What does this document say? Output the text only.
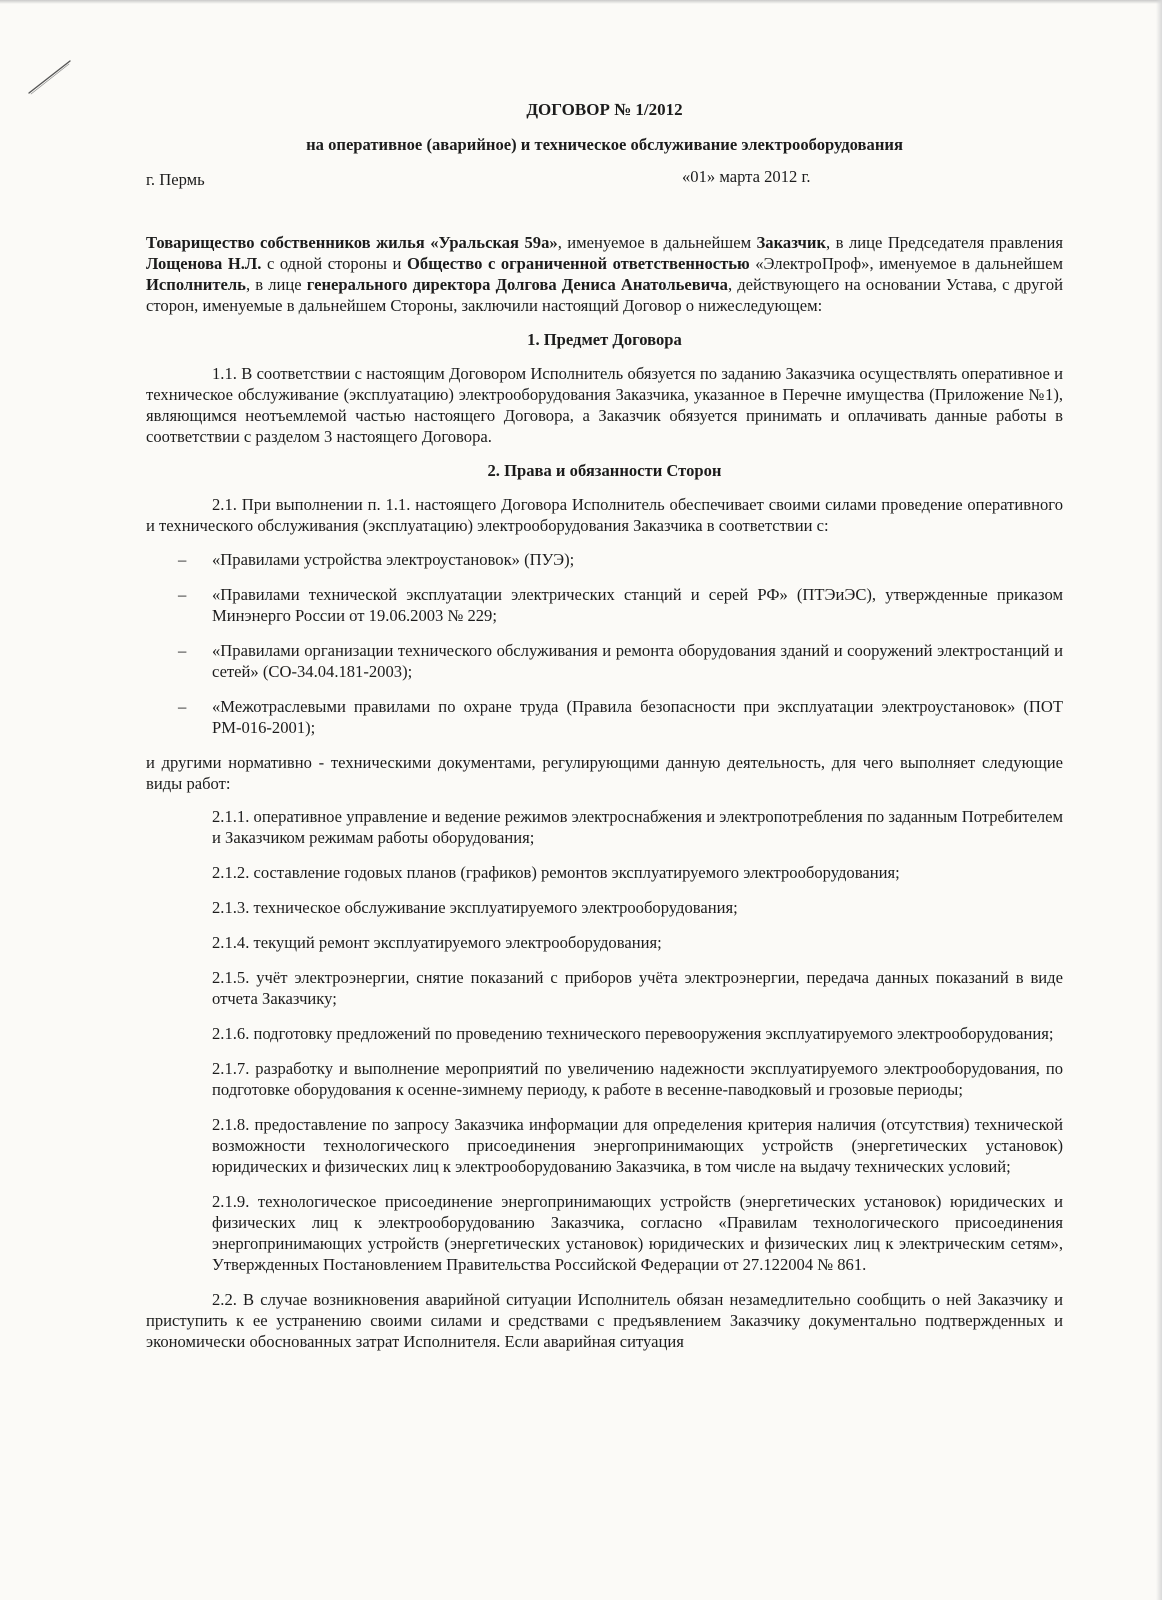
ДОГОВОР № 1/2012
на оперативное (аварийное) и техническое обслуживание электрооборудования
г. Пермь	«01» марта 2012 г.

Товарищество собственников жилья «Уральская 59а», именуемое в дальнейшем Заказчик, в лице Председателя правления Лощенова Н.Л. с одной стороны и Общество с ограниченной ответственностью «ЭлектроПроф», именуемое в дальнейшем Исполнитель, в лице генерального директора Долгова Дениса Анатольевича, действующего на основании Устава, с другой сторон, именуемые в дальнейшем Стороны, заключили настоящий Договор о нижеследующем:

1. Предмет Договора

1.1. В соответствии с настоящим Договором Исполнитель обязуется по заданию Заказчика осуществлять оперативное и техническое обслуживание (эксплуатацию) электрооборудования Заказчика, указанное в Перечне имущества (Приложение №1), являющимся неотъемлемой частью настоящего Договора, а Заказчик обязуется принимать и оплачивать данные работы в соответствии с разделом 3 настоящего Договора.

2. Права и обязанности Сторон

2.1. При выполнении п. 1.1. настоящего Договора Исполнитель обеспечивает своими силами проведение оперативного и технического обслуживания (эксплуатацию) электрооборудования Заказчика в соответствии с:

– «Правилами устройства электроустановок» (ПУЭ);
– «Правилами технической эксплуатации электрических станций и серей РФ» (ПТЭиЭС), утвержденные приказом Минэнерго России от 19.06.2003 № 229;
– «Правилами организации технического обслуживания и ремонта оборудования зданий и сооружений электростанций и сетей» (СО-34.04.181-2003);
– «Межотраслевыми правилами по охране труда (Правила безопасности при эксплуатации электроустановок» (ПОТ РМ-016-2001);

и другими нормативно - техническими документами, регулирующими данную деятельность, для чего выполняет следующие виды работ:

2.1.1. оперативное управление и ведение режимов электроснабжения и электропотребления по заданным Потребителем и Заказчиком режимам работы оборудования;

2.1.2. составление годовых планов (графиков) ремонтов эксплуатируемого электрооборудования;

2.1.3. техническое обслуживание эксплуатируемого электрооборудования;

2.1.4. текущий ремонт эксплуатируемого электрооборудования;

2.1.5. учёт электроэнергии, снятие показаний с приборов учёта электроэнергии, передача данных показаний в виде отчета Заказчику;

2.1.6. подготовку предложений по проведению технического перевооружения эксплуатируемого электрооборудования;

2.1.7. разработку и выполнение мероприятий по увеличению надежности эксплуатируемого электрооборудования, по подготовке оборудования к осенне-зимнему периоду, к работе в весенне-паводковый и грозовые периоды;

2.1.8. предоставление по запросу Заказчика информации для определения критерия наличия (отсутствия) технической возможности технологического присоединения энергопринимающих устройств (энергетических установок) юридических и физических лиц к электрооборудованию Заказчика, в том числе на выдачу технических условий;

2.1.9. технологическое присоединение энергопринимающих устройств (энергетических установок) юридических и физических лиц к электрооборудованию Заказчика, согласно «Правилам технологического присоединения энергопринимающих устройств (энергетических установок) юридических и физических лиц к электрическим сетям», Утвержденных Постановлением Правительства Российской Федерации от 27.122004 № 861.

2.2. В случае возникновения аварийной ситуации Исполнитель обязан незамедлительно сообщить о ней Заказчику и приступить к ее устранению своими силами и средствами с предъявлением Заказчику документально подтвержденных и экономически обоснованных затрат Исполнителя. Если аварийная ситуация
